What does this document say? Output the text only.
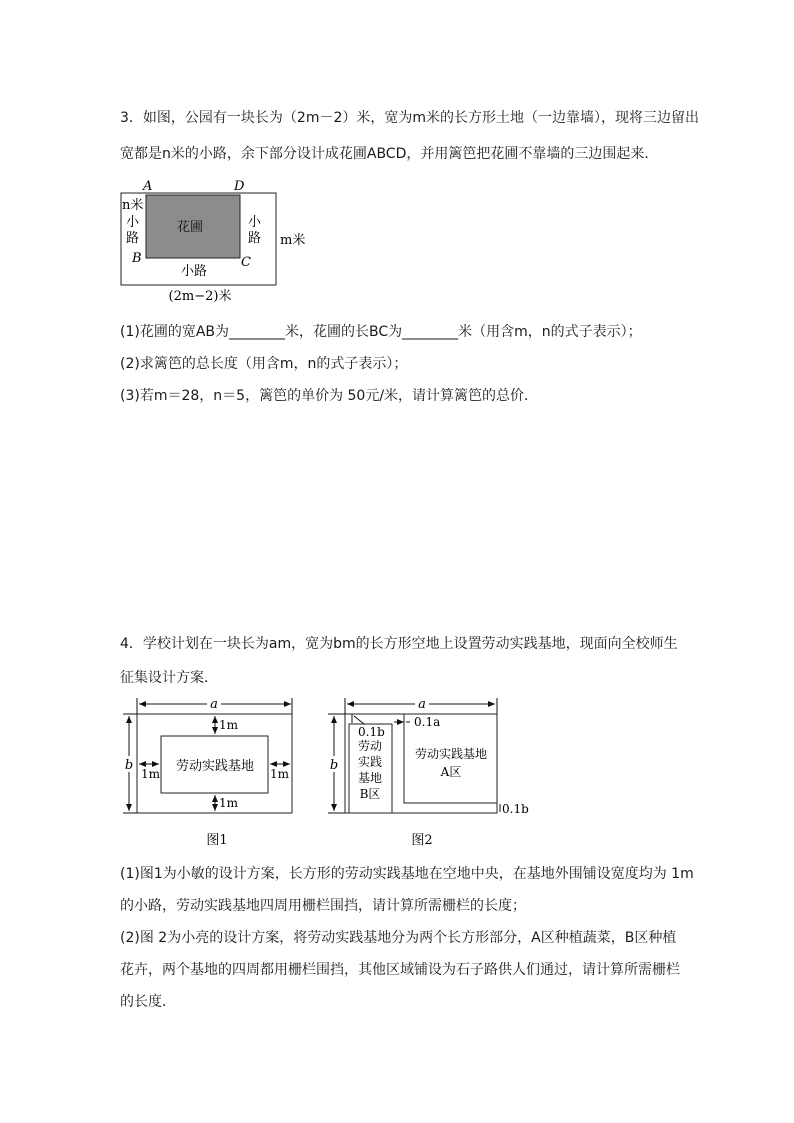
3．如图，公园有一块长为（2m－2）米，宽为m米的长方形土地（一边靠墙），现将三边留出
宽都是n米的小路，余下部分设计成花圃ABCD，并用篱笆把花圃不靠墙的三边围起来．
花圃
A	D
B	C
n米
小
路
小
路
小路
m米
(2m−2)米
(1)花圃的宽AB为________米，花圃的长BC为________米（用含m，n的式子表示）；
(2)求篱笆的总长度（用含m，n的式子表示）；
(3)若m＝28，n＝5，篱笆的单价为 50元/米，请计算篱笆的总价．
4．学校计划在一块长为am，宽为bm的长方形空地上设置劳动实践基地，现面向全校师生
征集设计方案．
a
b
1m
1m
1m	1m
劳动实践基地
图1
a
b
0.1b
0.1a
0.1b
劳动
实践
基地
B区
劳动实践基地
A区
图2
(1)图1为小敏的设计方案，长方形的劳动实践基地在空地中央，在基地外围铺设宽度均为 1m
的小路，劳动实践基地四周用栅栏围挡，请计算所需栅栏的长度；
(2)图 2为小亮的设计方案，将劳动实践基地分为两个长方形部分，A区种植蔬菜，B区种植
花卉，两个基地的四周都用栅栏围挡，其他区域铺设为石子路供人们通过，请计算所需栅栏
的长度．
